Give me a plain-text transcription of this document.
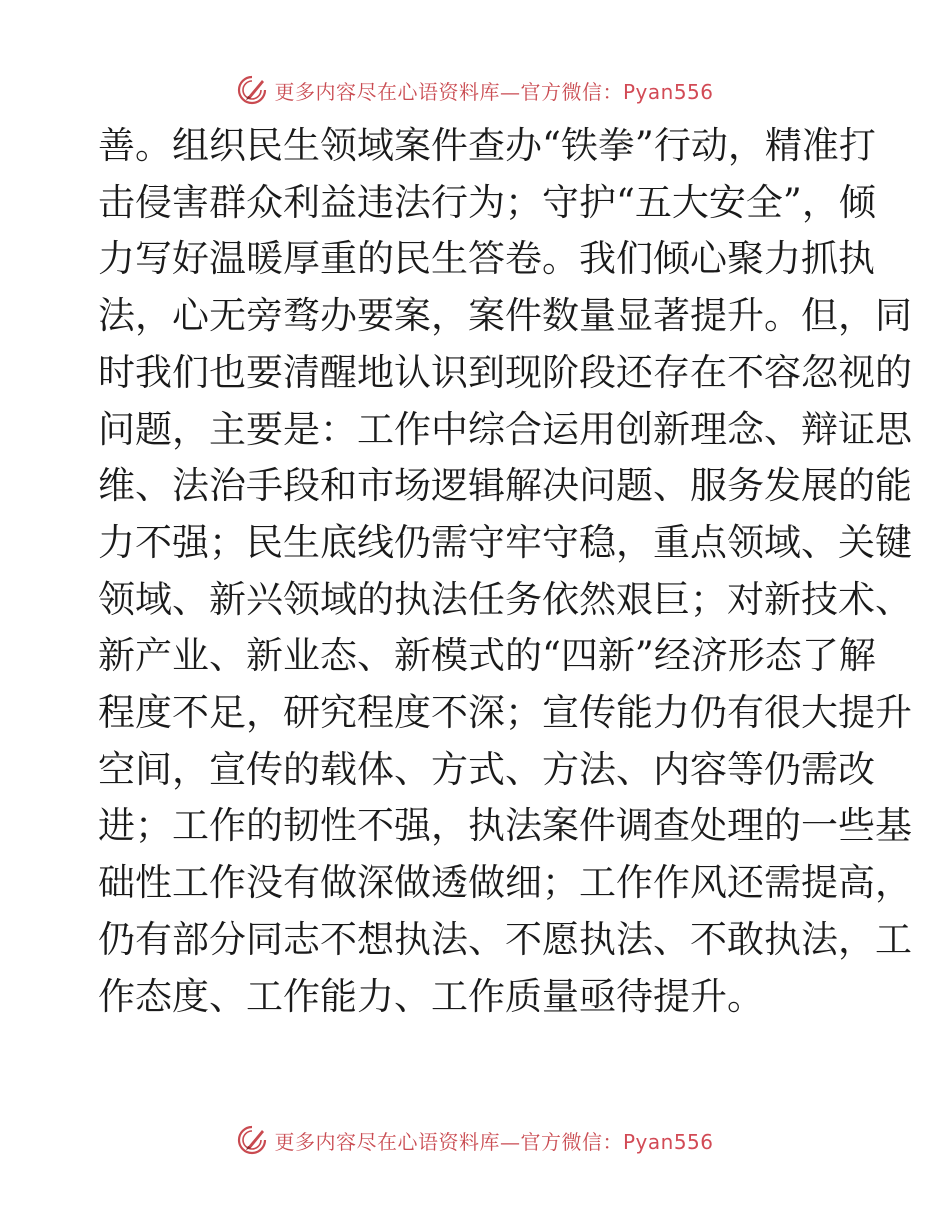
更多内容尽在心语资料库—官方微信：Pyan556
善。组织民生领域案件查办“铁拳”行动，精准打
击侵害群众利益违法行为；守护“五大安全”，倾
力写好温暖厚重的民生答卷。我们倾心聚力抓执
法，心无旁骛办要案，案件数量显著提升。但，同
时我们也要清醒地认识到现阶段还存在不容忽视的
问题，主要是：工作中综合运用创新理念、辩证思
维、法治手段和市场逻辑解决问题、服务发展的能
力不强；民生底线仍需守牢守稳，重点领域、关键
领域、新兴领域的执法任务依然艰巨；对新技术、
新产业、新业态、新模式的“四新”经济形态了解
程度不足，研究程度不深；宣传能力仍有很大提升
空间，宣传的载体、方式、方法、内容等仍需改
进；工作的韧性不强，执法案件调查处理的一些基
础性工作没有做深做透做细；工作作风还需提高，
仍有部分同志不想执法、不愿执法、不敢执法，工
作态度、工作能力、工作质量亟待提升。
更多内容尽在心语资料库—官方微信：Pyan556
